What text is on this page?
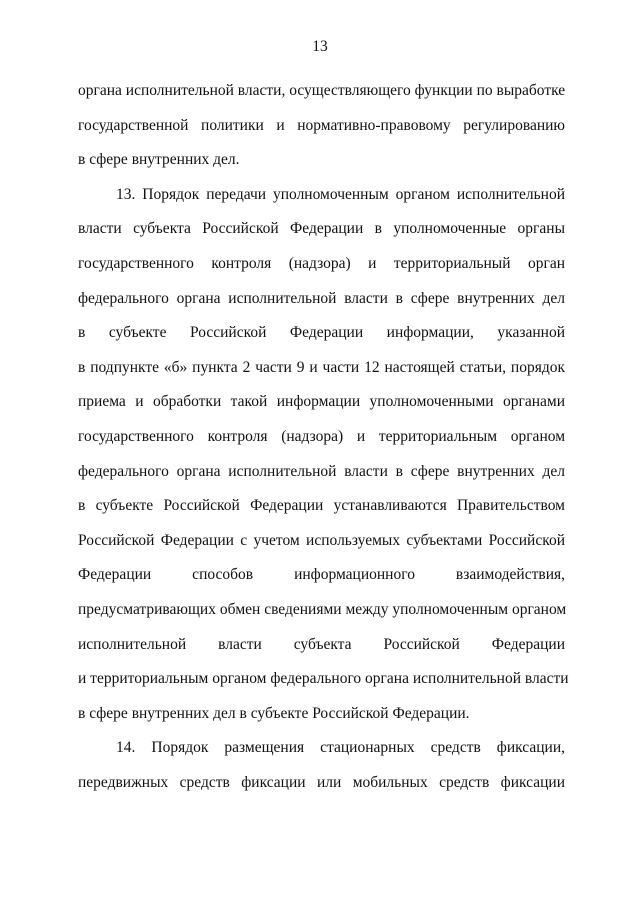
13
органа исполнительной власти, осуществляющего функции по выработке
государственной политики и нормативно-правовому регулированию
в сфере внутренних дел.
13. Порядок передачи уполномоченным органом исполнительной
власти субъекта Российской Федерации в уполномоченные органы
государственного контроля (надзора) и территориальный орган
федерального органа исполнительной власти в сфере внутренних дел
в субъекте Российской Федерации информации, указанной
в подпункте «б» пункта 2 части 9 и части 12 настоящей статьи, порядок
приема и обработки такой информации уполномоченными органами
государственного контроля (надзора) и территориальным органом
федерального органа исполнительной власти в сфере внутренних дел
в субъекте Российской Федерации устанавливаются Правительством
Российской Федерации с учетом используемых субъектами Российской
Федерации способов информационного взаимодействия,
предусматривающих обмен сведениями между уполномоченным органом
исполнительной власти субъекта Российской Федерации
и территориальным органом федерального органа исполнительной власти
в сфере внутренних дел в субъекте Российской Федерации.
14. Порядок размещения стационарных средств фиксации,
передвижных средств фиксации или мобильных средств фиксации
